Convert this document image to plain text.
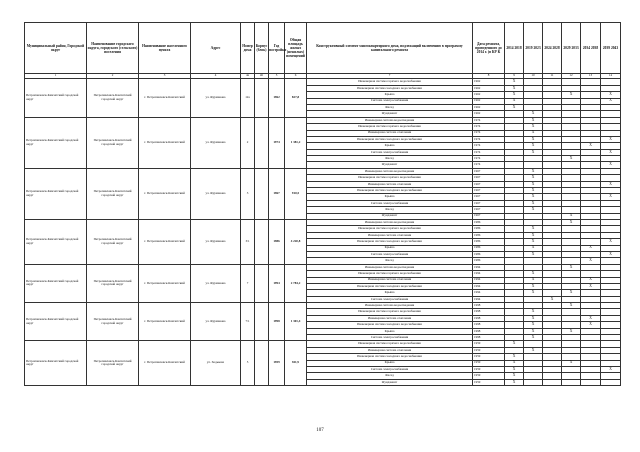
Муниципальный район, Городской округ	Наименование городского округа, городского (сельского) поселения	Наименование населенного пункта	Адрес	Номер дома	Корпус (блок)	Год постройки	Общая площадь жилых (нежилых) помещений	Конструктивный элемент многоквартирного дома, подлежащий включению в программу капитального ремонта	Дата ремонта, проведенного до 2014 г. (в КР К	2014 2018	2019 2023	2024 2028	2029 2033	2034 2038	2039 2043
1	2	3	4	4а	4б	5	6	7	8	9	10	11	12	13	14
Петропавловск-Камчатский городской округ	Петропавловск-Камчатский городской округ	г. Петропавловск-Камчатский	ул. Фурманова	12а		1962	827,8	Инженерная система горячего водоснабжения	1962	X					
								Инженерная система холодного водоснабжения	1962	X					
								Крыша	1962	X			X		X
								Система электроснабжения	1962	X					X
								Фасад	1962	X					
								Фундамент	1962		X				
Петропавловск-Камчатский городской округ	Петропавловск-Камчатский городской округ	г. Петропавловск-Камчатский	ул. Фурманова	2		1974	1 381,2	Инженерная система водоотведения	1974		X				
								Инженерная система горячего водоснабжения	1974		X				
								Инженерная система отопления	1974		X				
								Инженерная система холодного водоснабжения	1974		X				X
								Крыша	1974		X			X	
								Система электроснабжения	1974		X				X
								Фасад	1974				X		
								Фундамент	1974						X
Петропавловск-Камчатский городской округ	Петропавловск-Камчатский городской округ	г. Петропавловск-Камчатский	ул. Фурманова	3		1967	910,5	Инженерная система водоотведения	1967		X				
								Инженерная система горячего водоснабжения	1967		X				
								Инженерная система отопления	1967		X				X
								Инженерная система холодного водоснабжения	1967		X				
								Крыша	1967		X				X
								Система электроснабжения	1967		X				
								Фасад	1967		X				
								Фундамент	1967				X		
Петропавловск-Камчатский городской округ	Петропавловск-Камчатский городской округ	г. Петропавловск-Камчатский	ул. Фурманова	3/1		1986	4 220,8	Инженерная система водоотведения	1986				X		
								Инженерная система горячего водоснабжения	1986		X				
								Инженерная система отопления	1986		X				
								Инженерная система холодного водоснабжения	1986		X				X
								Крыша	1986		X			X	
								Система электроснабжения	1986		X				X
								Фасад	1986					X	
Петропавловск-Камчатский городской округ	Петропавловск-Камчатский городской округ	г. Петропавловск-Камчатский	ул. Фурманова	7		1994	2 784,2	Инженерная система водоотведения	1994				X		
								Инженерная система горячего водоснабжения	1994		X				
								Инженерная система отопления	1994		X			X	
								Инженерная система холодного водоснабжения	1994		X			X	
								Крыша	1994		X		X		
								Система электроснабжения	1994			X			
Петропавловск-Камчатский городской округ	Петропавловск-Камчатский городской округ	г. Петропавловск-Камчатский	ул. Фурманова	7/1		1998	1 301,4	Инженерная система водоотведения	1998				X		
								Инженерная система горячего водоснабжения	1998		X				
								Инженерная система отопления	1998		X			X	
								Инженерная система холодного водоснабжения	1998		X			X	
								Крыша	1998		X		X		
								Система электроснабжения	1998		X				
Петропавловск-Камчатский городской округ	Петропавловск-Камчатский городской округ	г. Петропавловск-Камчатский	ул. Ходькова	5		1959	811,9	Инженерная система горячего водоснабжения	1959	X					
								Инженерная система отопления	1959		X				
								Инженерная система холодного водоснабжения	1959	X					
								Крыша	1959	X			X		
								Система электроснабжения	1959	X					X
								Фасад	1959	X					
								Фундамент	1959	X					
107
